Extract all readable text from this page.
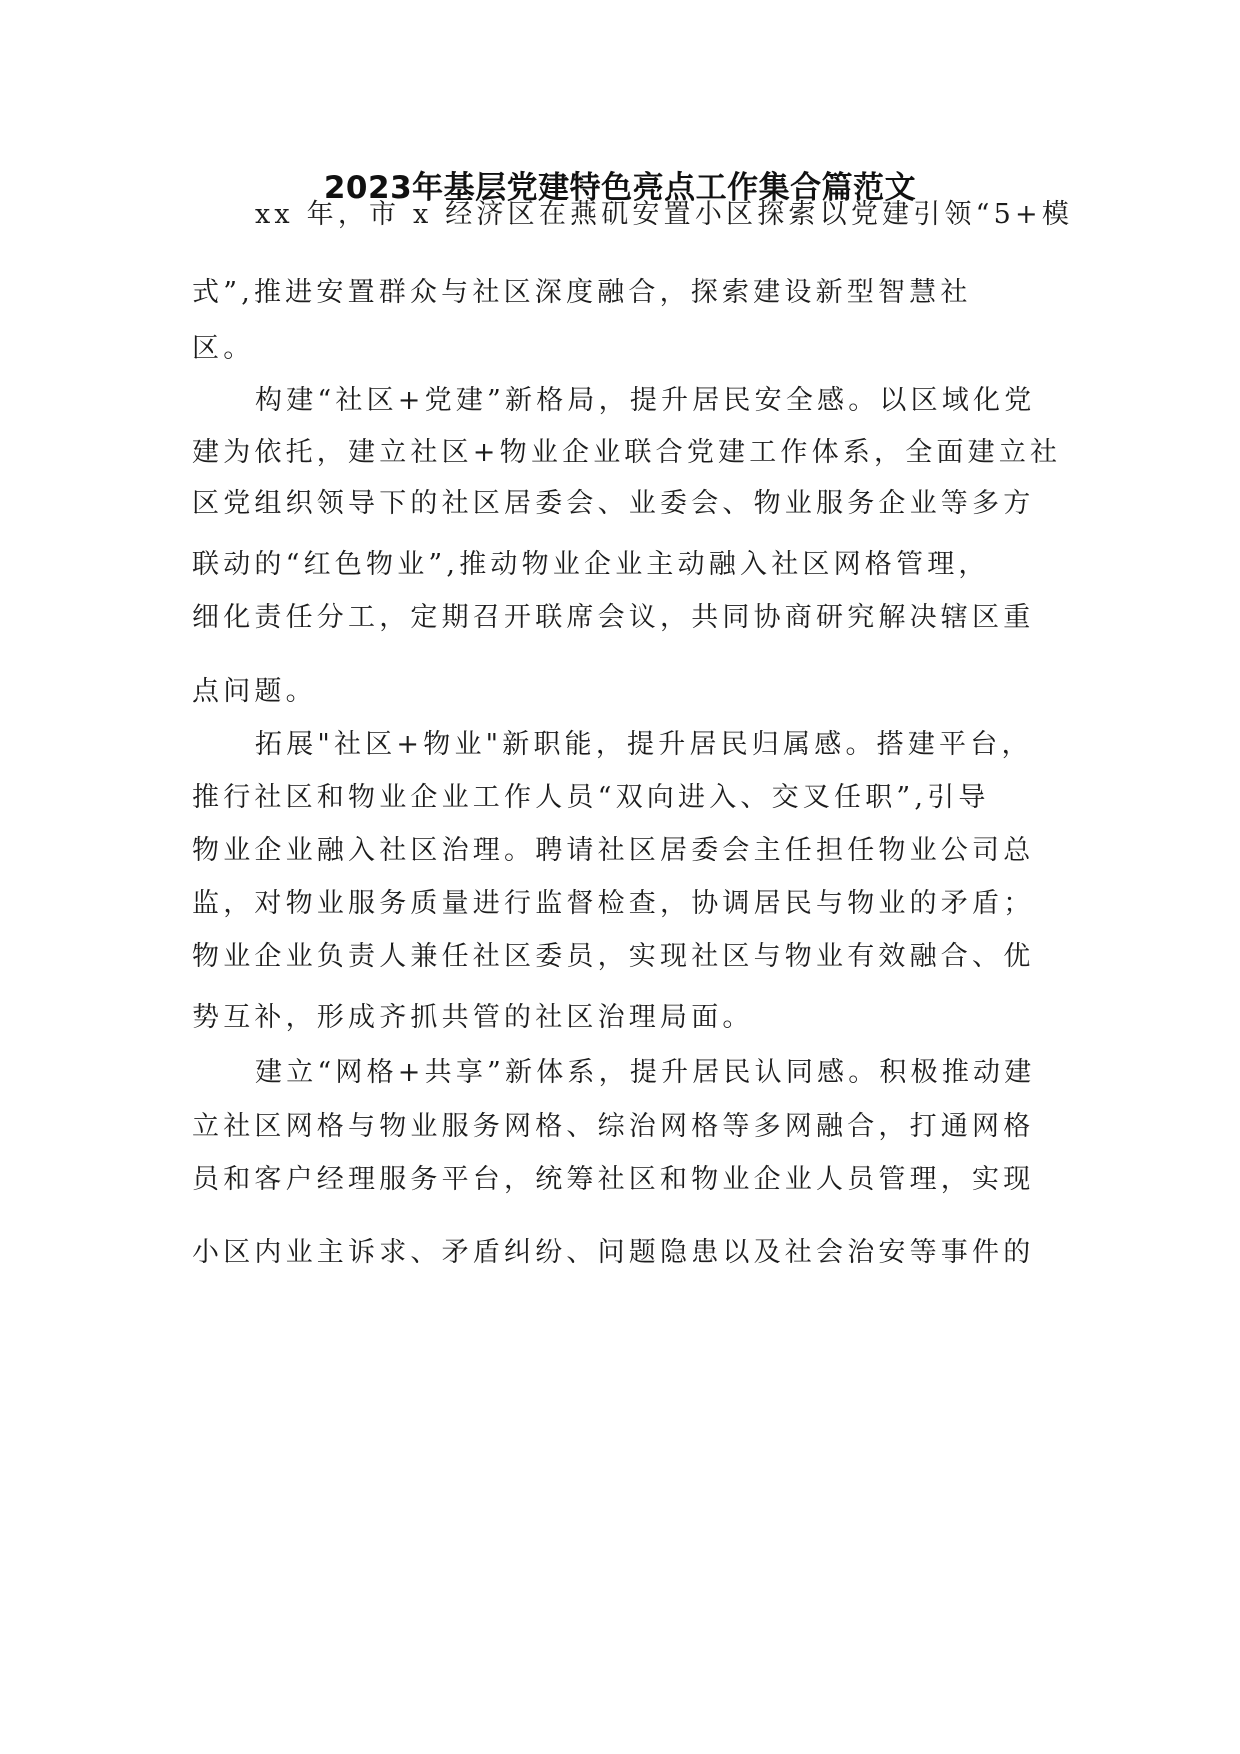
2023年基层党建特色亮点工作集合篇范文
xx 年，市 x 经济区在燕矶安置小区探索以党建引领“5+模
式”,推进安置群众与社区深度融合，探索建设新型智慧社
区。
构建“社区+党建”新格局，提升居民安全感。以区域化党
建为依托，建立社区+物业企业联合党建工作体系，全面建立社
区党组织领导下的社区居委会、业委会、物业服务企业等多方
联动的“红色物业”,推动物业企业主动融入社区网格管理，
细化责任分工，定期召开联席会议，共同协商研究解决辖区重
点问题。
拓展"社区+物业"新职能，提升居民归属感。搭建平台，
推行社区和物业企业工作人员“双向进入、交叉任职”,引导
物业企业融入社区治理。聘请社区居委会主任担任物业公司总
监，对物业服务质量进行监督检查，协调居民与物业的矛盾；
物业企业负责人兼任社区委员，实现社区与物业有效融合、优
势互补，形成齐抓共管的社区治理局面。
建立“网格+共享”新体系，提升居民认同感。积极推动建
立社区网格与物业服务网格、综治网格等多网融合，打通网格
员和客户经理服务平台，统筹社区和物业企业人员管理，实现
小区内业主诉求、矛盾纠纷、问题隐患以及社会治安等事件的
